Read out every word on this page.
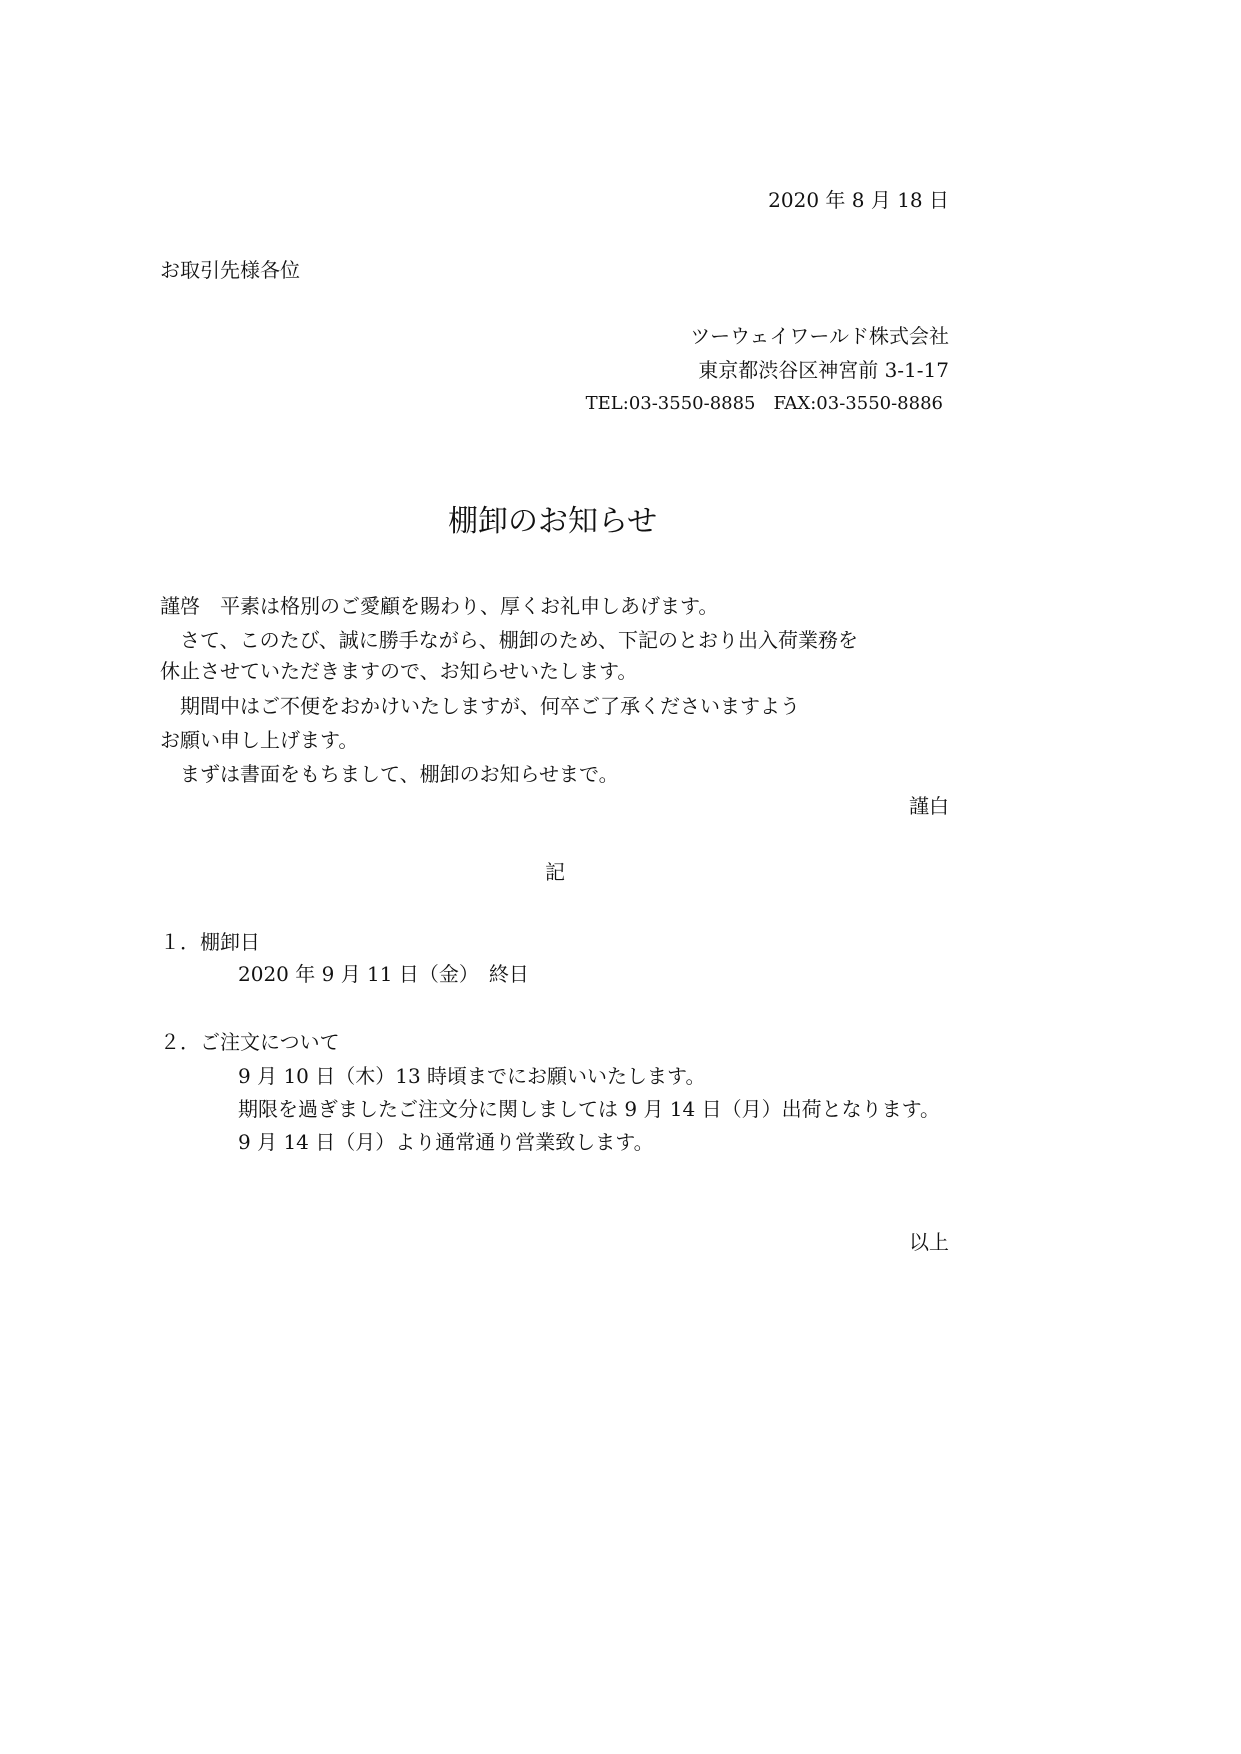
2020 年 8 月 18 日
お取引先様各位
ツーウェイワールド株式会社
東京都渋谷区神宮前 3-1-17
TEL:03-3550-8885　FAX:03-3550-8886
棚卸のお知らせ
謹啓　平素は格別のご愛顧を賜わり、厚くお礼申しあげます。
　さて、このたび、誠に勝手ながら、棚卸のため、下記のとおり出入荷業務を
休止させていただきますので、お知らせいたします。
　期間中はご不便をおかけいたしますが、何卒ご了承くださいますよう
お願い申し上げます。
　まずは書面をもちまして、棚卸のお知らせまで。
謹白
記
１．棚卸日
2020 年 9 月 11 日（金）　終日
２．ご注文について
9 月 10 日（木）13 時頃までにお願いいたします。
期限を過ぎましたご注文分に関しましては 9 月 14 日（月）出荷となります。
9 月 14 日（月）より通常通り営業致します。
以上
